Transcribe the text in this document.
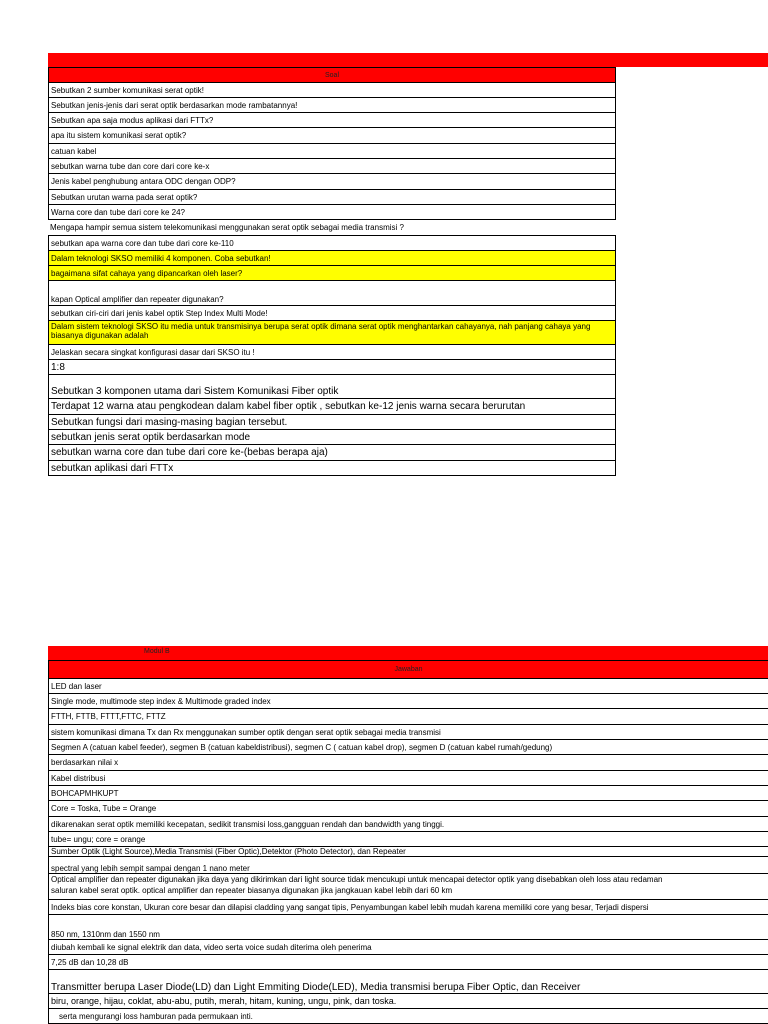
Soal
Sebutkan 2 sumber komunikasi serat optik!
Sebutkan jenis-jenis dari serat optik berdasarkan mode rambatannya!
Sebutkan apa saja modus aplikasi dari FTTx?
apa itu sistem komunikasi serat optik?
catuan kabel
sebutkan warna tube dan core dari core ke-x
Jenis kabel penghubung antara ODC dengan ODP?
Sebutkan urutan warna pada serat optik?
Warna core dan tube dari core ke 24?
Mengapa hampir semua sistem telekomunikasi menggunakan serat optik sebagai media transmisi ?
sebutkan apa warna core dan tube dari core ke-110
Dalam teknologi SKSO memiliki 4 komponen. Coba sebutkan!
bagaimana sifat cahaya yang dipancarkan oleh laser?
kapan Optical amplifier dan repeater digunakan?
sebutkan ciri-ciri dari jenis kabel optik Step Index Multi Mode!
Dalam sistem teknologi SKSO itu media untuk transmisinya berupa serat optik dimana serat optik menghantarkan cahayanya, nah panjang cahaya yang biasanya digunakan adalah
Jelaskan secara singkat konfigurasi dasar dari SKSO itu !
1:8
Sebutkan 3 komponen utama dari Sistem Komunikasi Fiber optik
Terdapat 12 warna atau pengkodean dalam kabel fiber optik , sebutkan ke-12 jenis warna secara berurutan
Sebutkan fungsi dari masing-masing bagian tersebut.
sebutkan jenis serat optik berdasarkan mode
sebutkan warna core dan tube dari core ke-(bebas berapa aja)
sebutkan aplikasi dari FTTx
Modul B
Jawaban
LED dan laser
Single mode, multimode step index & Multimode graded index
FTTH, FTTB, FTTT,FTTC, FTTZ
sistem komunikasi dimana Tx dan Rx menggunakan sumber optik dengan serat optik sebagai media transmisi
Segmen A (catuan kabel feeder), segmen B (catuan kabeldistribusi), segmen C ( catuan kabel drop), segmen D (catuan kabel rumah/gedung)
berdasarkan nilai x
Kabel distribusi
BOHCAPMHKUPT
Core = Toska, Tube = Orange
dikarenakan serat optik memiliki kecepatan, sedikit transmisi loss,gangguan rendah dan bandwidth yang tinggi.
tube= ungu; core = orange
Sumber Optik (Light Source),Media Transmisi (Fiber Optic),Detektor (Photo Detector), dan Repeater
spectral yang lebih sempit sampai dengan 1 nano meter
Optical amplifier dan repeater digunakan jika daya yang dikirimkan dari light source tidak mencukupi untuk mencapai detector optik yang disebabkan oleh loss atau redaman
saluran kabel serat optik. optical amplifier dan repeater biasanya digunakan jika jangkauan kabel lebih dari 60 km
Indeks bias core konstan, Ukuran core besar dan dilapisi cladding yang sangat tipis, Penyambungan kabel lebih mudah karena memiliki core yang besar, Terjadi dispersi
850 nm, 1310nm dan 1550 nm
diubah kembali ke signal elektrik dan data, video serta voice sudah diterima oleh penerima
7,25 dB dan 10,28 dB
Transmitter berupa Laser Diode(LD) dan Light Emmiting Diode(LED), Media transmisi berupa Fiber Optic, dan Receiver
biru, orange, hijau, coklat, abu-abu, putih, merah, hitam, kuning, ungu, pink, dan toska.
serta mengurangi loss hamburan pada permukaan inti.
